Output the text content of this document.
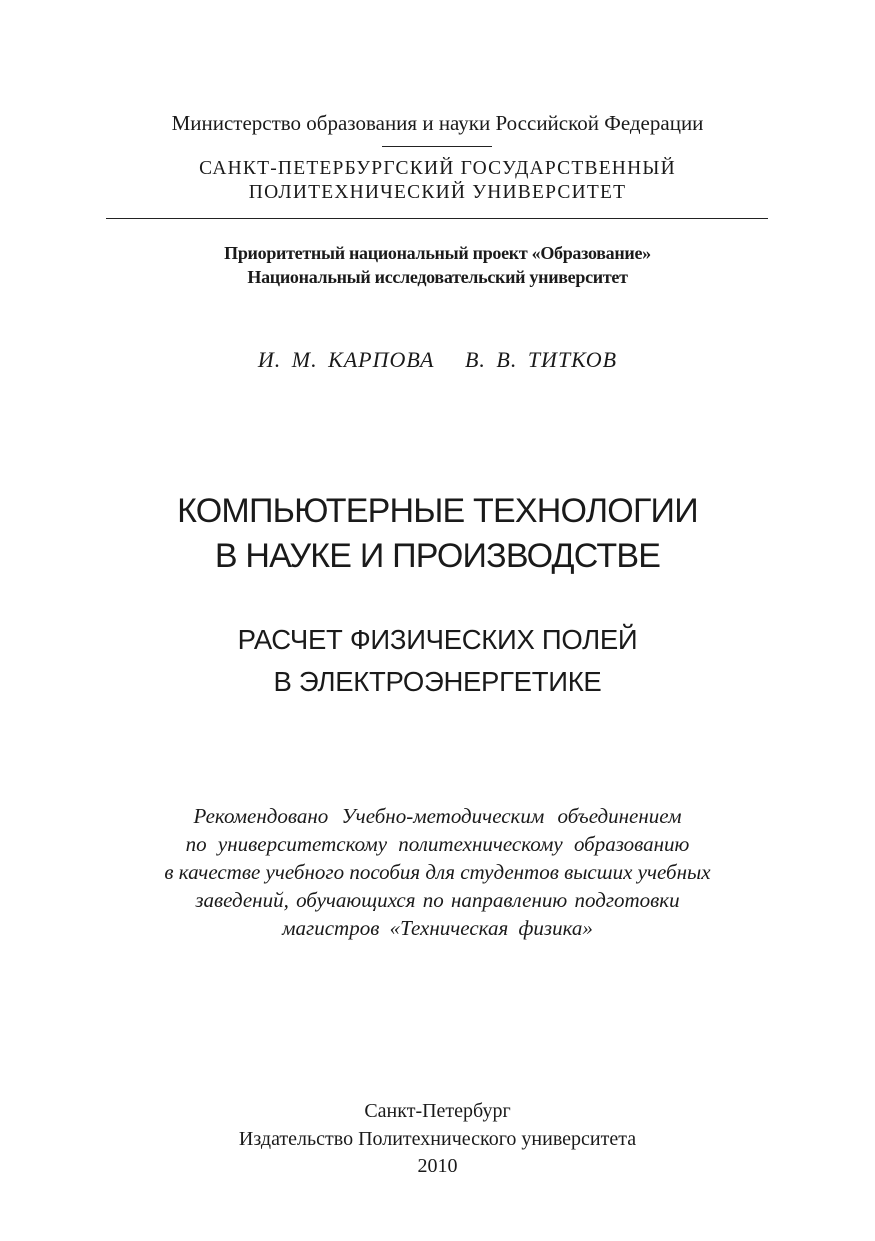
Министерство образования и науки Российской Федерации
САНКТ-ПЕТЕРБУРГСКИЙ ГОСУДАРСТВЕННЫЙ
ПОЛИТЕХНИЧЕСКИЙ УНИВЕРСИТЕТ
Приоритетный национальный проект «Образование»
Национальный исследовательский университет
И. М. КАРПОВА В. В. ТИТКОВ
КОМПЬЮТЕРНЫЕ ТЕХНОЛОГИИ
В НАУКЕ И ПРОИЗВОДСТВЕ
РАСЧЕТ ФИЗИЧЕСКИХ ПОЛЕЙ
В ЭЛЕКТРОЭНЕРГЕТИКЕ
Рекомендовано Учебно-методическим объединением
по университетскому политехническому образованию
в качестве учебного пособия для студентов высших учебных
заведений, обучающихся по направлению подготовки
магистров «Техническая физика»
Санкт-Петербург
Издательство Политехнического университета
2010
